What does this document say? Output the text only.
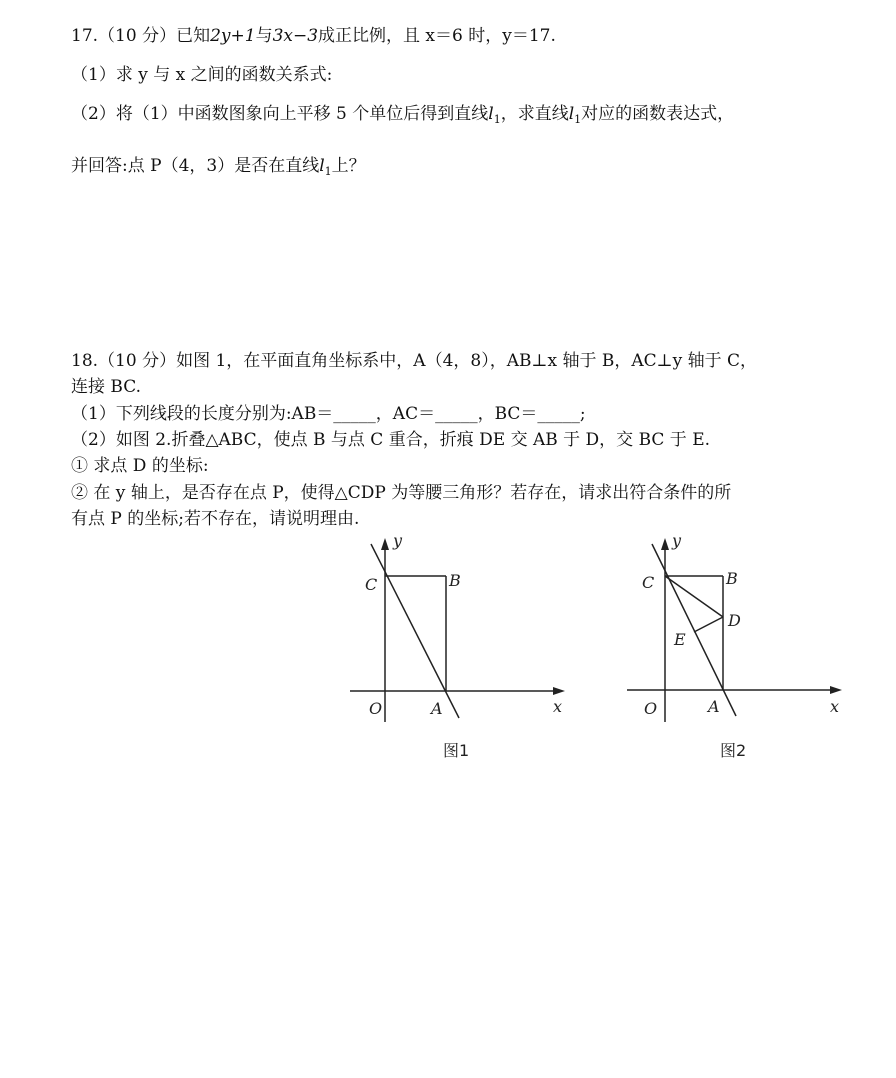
17.（10 分）已知2y+1与3x−3成正比例，且 x＝6 时，y＝17.
（1）求 y 与 x 之间的函数关系式:
（2）将（1）中函数图象向上平移 5 个单位后得到直线$l_1$，求直线$l_1$对应的函数表达式，
并回答:点 P（4，3）是否在直线$l_1$上？
18.（10 分）如图 1，在平面直角坐标系中，A（4，8），AB⊥x 轴于 B，AC⊥y 轴于 C，
连接 BC.
（1）下列线段的长度分别为:AB＝_____，AC＝_____，BC＝_____;
（2）如图 2.折叠△ABC，使点 B 与点 C 重合，折痕 DE 交 AB 于 D，交 BC 于 E.
① 求点 D 的坐标:
② 在 y 轴上，是否存在点 P，使得△CDP 为等腰三角形？若存在，请求出符合条件的所
有点 P 的坐标;若不存在，请说明理由.
y
x
O	A
B
C
图1
y
x
O	A
B
C
D
E
图2
